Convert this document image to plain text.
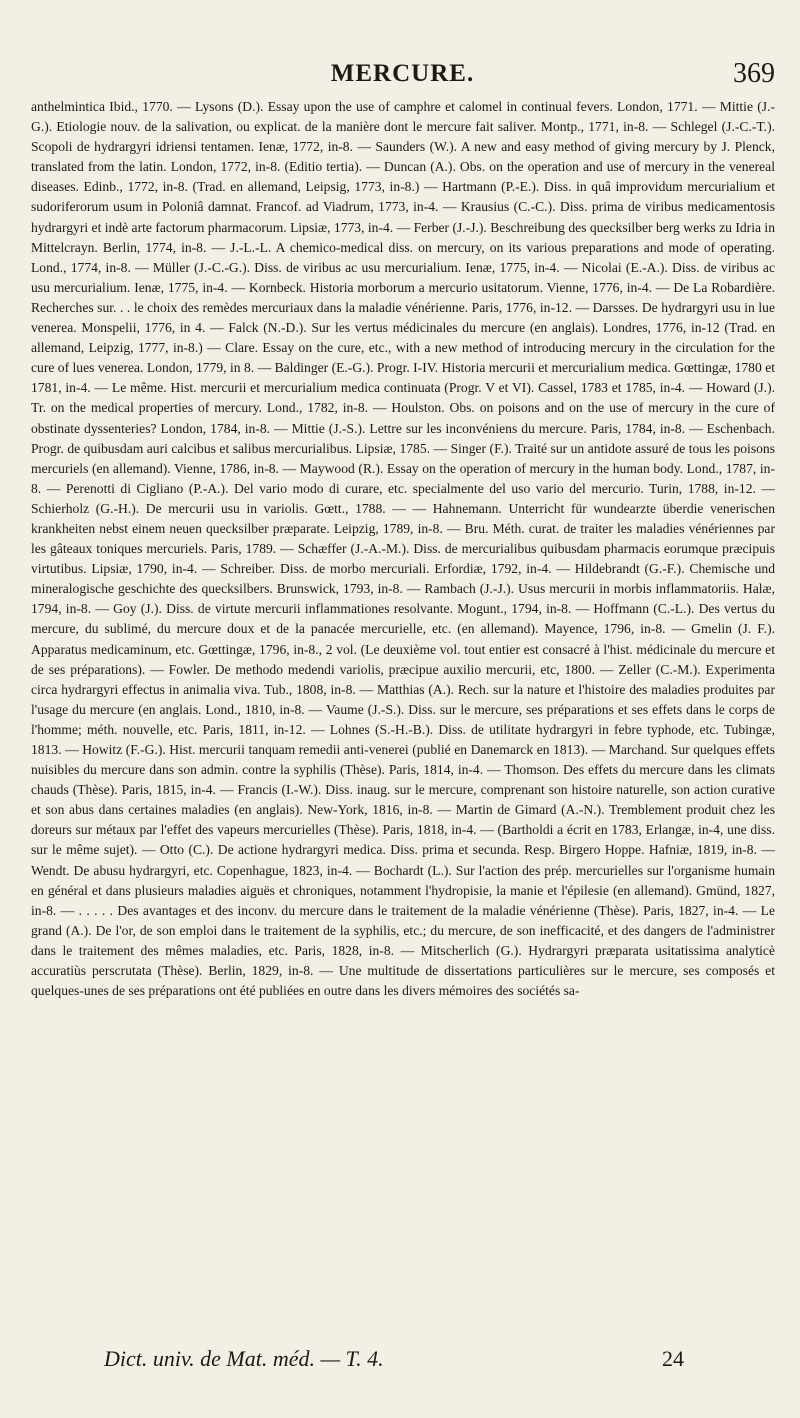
MERCURE.	369

anthelmintica Ibid., 1770. — Lysons (D.). Essay upon the use of camphre et calomel in continual fevers. London, 1771. — Mittie (J.-G.). Etiologie nouv. de la salivation, ou explicat. de la manière dont le mercure fait saliver. Montp., 1771, in-8. — Schlegel (J.-C.-T.). Scopoli de hydrargyri idriensi tentamen. Ienæ, 1772, in-8. — Saunders (W.). A new and easy method of giving mercury by J. Plenck, translated from the latin. London, 1772, in-8. (Editio tertia). — Duncan (A.). Obs. on the operation and use of mercury in the venereal diseases. Edinb., 1772, in-8. (Trad. en allemand, Leipsig, 1773, in-8.) — Hartmann (P.-E.). Diss. in quâ improvidum mercurialium et sudoriferorum usum in Poloniâ damnat. Francof. ad Viadrum, 1773, in-4. — Krausius (C.-C.). Diss. prima de viribus medicamentosis hydrargyri et indè arte factorum pharmacorum. Lipsiæ, 1773, in-4. — Ferber (J.-J.). Beschreibung des quecksilber berg werks zu Idria in Mittelcrayn. Berlin, 1774, in-8. — J.-L.-L. A chemico-medical diss. on mercury, on its various preparations and mode of operating. Lond., 1774, in-8. — Müller (J.-C.-G.). Diss. de viribus ac usu mercurialium. Ienæ, 1775, in-4. — Nicolai (E.-A.). Diss. de viribus ac usu mercurialium. Ienæ, 1775, in-4. — Kornbeck. Historia morborum a mercurio usitatorum. Vienne, 1776, in-4. — De La Robardière. Recherches sur. . . le choix des remèdes mercuriaux dans la maladie vénérienne. Paris, 1776, in-12. — Darsses. De hydrargyri usu in lue venerea. Monspelii, 1776, in 4. — Falck (N.-D.). Sur les vertus médicinales du mercure (en anglais). Londres, 1776, in-12 (Trad. en allemand, Leipzig, 1777, in-8.) — Clare. Essay on the cure, etc., with a new method of introducing mercury in the circulation for the cure of lues venerea. London, 1779, in 8. — Baldinger (E.-G.). Progr. I-IV. Historia mercurii et mercurialium medica. Gœttingæ, 1780 et 1781, in-4. — Le même. Hist. mercurii et mercurialium medica continuata (Progr. V et VI). Cassel, 1783 et 1785, in-4. — Howard (J.). Tr. on the medical properties of mercury. Lond., 1782, in-8. — Houlston. Obs. on poisons and on the use of mercury in the cure of obstinate dyssenteries? London, 1784, in-8. — Mittie (J.-S.). Lettre sur les inconvéniens du mercure. Paris, 1784, in-8. — Eschenbach. Progr. de quibusdam auri calcibus et salibus mercurialibus. Lipsiæ, 1785. — Singer (F.). Traité sur un antidote assuré de tous les poisons mercuriels (en allemand). Vienne, 1786, in-8. — Maywood (R.). Essay on the operation of mercury in the human body. Lond., 1787, in-8. — Perenotti di Cigliano (P.-A.). Del vario modo di curare, etc. specialmente del uso vario del mercurio. Turin, 1788, in-12. — Schierholz (G.-H.). De mercurii usu in variolis. Gœtt., 1788. — — Hahnemann. Unterricht für wundearzte überdie venerischen krankheiten nebst einem neuen quecksilber præparate. Leipzig, 1789, in-8. — Bru. Méth. curat. de traiter les maladies vénériennes par les gâteaux toniques mercuriels. Paris, 1789. — Schæffer (J.-A.-M.). Diss. de mercurialibus quibusdam pharmacis eorumque præcipuis virtutibus. Lipsiæ, 1790, in-4. — Schreiber. Diss. de morbo mercuriali. Erfordiæ, 1792, in-4. — Hildebrandt (G.-F.). Chemische und mineralogische geschichte des quecksilbers. Brunswick, 1793, in-8. — Rambach (J.-J.). Usus mercurii in morbis inflammatoriis. Halæ, 1794, in-8. — Goy (J.). Diss. de virtute mercurii inflammationes resolvante. Mogunt., 1794, in-8. — Hoffmann (C.-L.). Des vertus du mercure, du sublimé, du mercure doux et de la panacée mercurielle, etc. (en allemand). Mayence, 1796, in-8. — Gmelin (J. F.). Apparatus medicaminum, etc. Gœttingæ, 1796, in-8., 2 vol. (Le deuxième vol. tout entier est consacré à l'hist. médicinale du mercure et de ses préparations). — Fowler. De methodo medendi variolis, præcipue auxilio mercurii, etc, 1800. — Zeller (C.-M.). Experimenta circa hydrargyri effectus in animalia viva. Tub., 1808, in-8. — Matthias (A.). Rech. sur la nature et l'histoire des maladies produites par l'usage du mercure (en anglais. Lond., 1810, in-8. — Vaume (J.-S.). Diss. sur le mercure, ses préparations et ses effets dans le corps de l'homme; méth. nouvelle, etc. Paris, 1811, in-12. — Lohnes (S.-H.-B.). Diss. de utilitate hydrargyri in febre typhode, etc. Tubingæ, 1813. — Howitz (F.-G.). Hist. mercurii tanquam remedii anti-venerei (publié en Danemarck en 1813). — Marchand. Sur quelques effets nuisibles du mercure dans son admin. contre la syphilis (Thèse). Paris, 1814, in-4. — Thomson. Des effets du mercure dans les climats chauds (Thèse). Paris, 1815, in-4. — Francis (I.-W.). Diss. inaug. sur le mercure, comprenant son histoire naturelle, son action curative et son abus dans certaines maladies (en anglais). New-York, 1816, in-8. — Martin de Gimard (A.-N.). Tremblement produit chez les doreurs sur métaux par l'effet des vapeurs mercurielles (Thèse). Paris, 1818, in-4. — (Bartholdi a écrit en 1783, Erlangæ, in-4, une diss. sur le même sujet). — Otto (C.). De actione hydrargyri medica. Diss. prima et secunda. Resp. Birgero Hoppe. Hafniæ, 1819, in-8. — Wendt. De abusu hydrargyri, etc. Copenhague, 1823, in-4. — Bochardt (L.). Sur l'action des prép. mercurielles sur l'organisme humain en général et dans plusieurs maladies aiguës et chroniques, notamment l'hydropisie, la manie et l'épilesie (en allemand). Gmünd, 1827, in-8. — . . . . . Des avantages et des inconv. du mercure dans le traitement de la maladie vénérienne (Thèse). Paris, 1827, in-4. — Le grand (A.). De l'or, de son emploi dans le traitement de la syphilis, etc.; du mercure, de son inefficacité, et des dangers de l'administrer dans le traitement des mêmes maladies, etc. Paris, 1828, in-8. — Mitscherlich (G.). Hydrargyri præparata usitatissima analyticè accuratiùs perscrutata (Thèse). Berlin, 1829, in-8. — Une multitude de dissertations particulières sur le mercure, ses composés et quelques-unes de ses préparations ont été publiées en outre dans les divers mémoires des sociétés sa-

Dict. univ. de Mat. méd. — T. 4.	24
